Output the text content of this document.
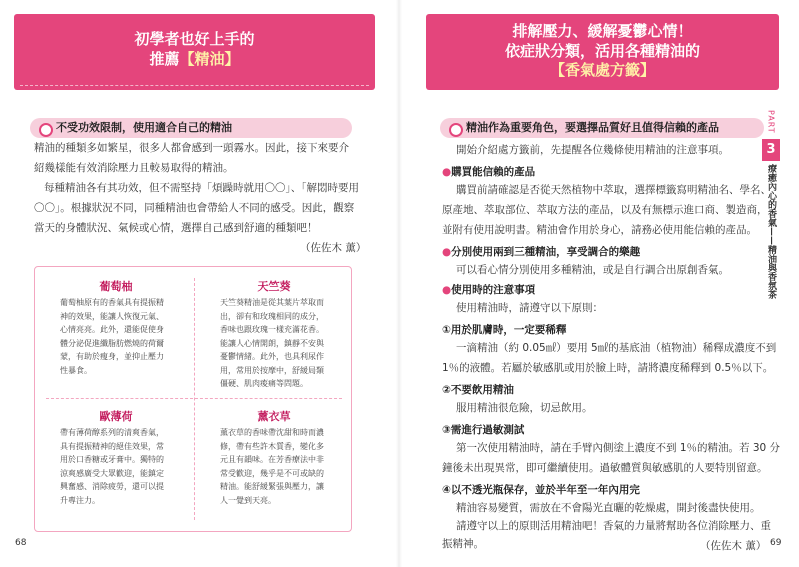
初學者也好上手的
推薦【精油】
不受功效限制，使用適合自己的精油
精油的種類多如繁星，很多人都會感到一頭霧水。因此，接下來要介
紹幾樣能有效消除壓力且較易取得的精油。
每種精油各有其功效，但不需堅持「煩躁時就用〇〇」、「解悶時要用
〇〇」。根據狀況不同，同種精油也會帶給人不同的感受。因此，觀察
當天的身體狀況、氣候或心情，選擇自己感到舒適的種類吧！
（佐佐木 薰）
葡萄柚
葡萄柚原有的香氣具有提振精
神的效果，能讓人恢復元氣、
心情亮亮。此外，還能促使身
體分泌促進纖脂肪燃燒的荷爾
蒙，有助於瘦身，並抑止壓力
性暴食。
天竺葵
天竺葵精油是從其葉片萃取而
出，卻有和玫瑰相同的成分，
香味也跟玫瑰一樣充滿花香。
能讓人心情開朗，鎮靜不安與
憂鬱情緒。此外，也具利尿作
用，常用於按摩中，舒緩局類
僵硬、肌肉痠痛等問題。
歐薄荷
帶有薄荷醇系列的清爽香氣，
具有提振精神的絕佳效果，常
用於口香糖或牙膏中。獨特的
涼爽感廣受大眾歡迎，能鎮定
興奮感、消除疲勞，還可以提
升專注力。
薰衣草
薰衣草的香味帶沈甜和時而濃
修，帶有些許木質香，變化多
元且有韻味。在芳香療法中非
常受歡迎，幾乎是不可或缺的
精油。能舒緩緊張與壓力，讓
人一覺到天亮。
68
排解壓力、緩解憂鬱心情！
依症狀分類，活用各種精油的
【香氣處方籤】
精油作為重要角色，要選擇品質好且值得信賴的產品
開始介紹處方籤前，先提醒各位幾條使用精油的注意事項。
●購買能信賴的產品
購買前請確認是否從天然植物中萃取，選擇標籤寫明精油名、學名、
原產地、萃取部位、萃取方法的產品，以及有無標示進口商、製造商，
並附有使用說明書。精油會作用於身心，請務必使用能信賴的產品。
●分別使用兩到三種精油，享受調合的樂趣
可以看心情分別使用多種精油，或是自行調合出原創香氣。
●使用時的注意事項
使用精油時，請遵守以下原則：
①用於肌膚時，一定要稀釋
一滴精油（約 0.05㎖）要用 5㎖的基底油（植物油）稀釋成濃度不到
1％的液體。若屬於敏感肌或用於臉上時，請將濃度稀釋到 0.5％以下。
②不要飲用精油
服用精油很危險，切忌飲用。
③需進行過敏測試
第一次使用精油時，請在手臂內側塗上濃度不到 1％的精油。若 30 分
鐘後未出現異常，即可繼續使用。過敏體質與敏感肌的人要特別留意。
④以不透光瓶保存，並於半年至一年內用完
精油容易變質，需放在不會陽光直曬的乾燥處，開封後盡快使用。
請遵守以上的原則活用精油吧！香氣的力量將幫助各位消除壓力、重
振精神。	（佐佐木 薰） 69
PART
3
療癒內心的香氣——精油與香氛茶
